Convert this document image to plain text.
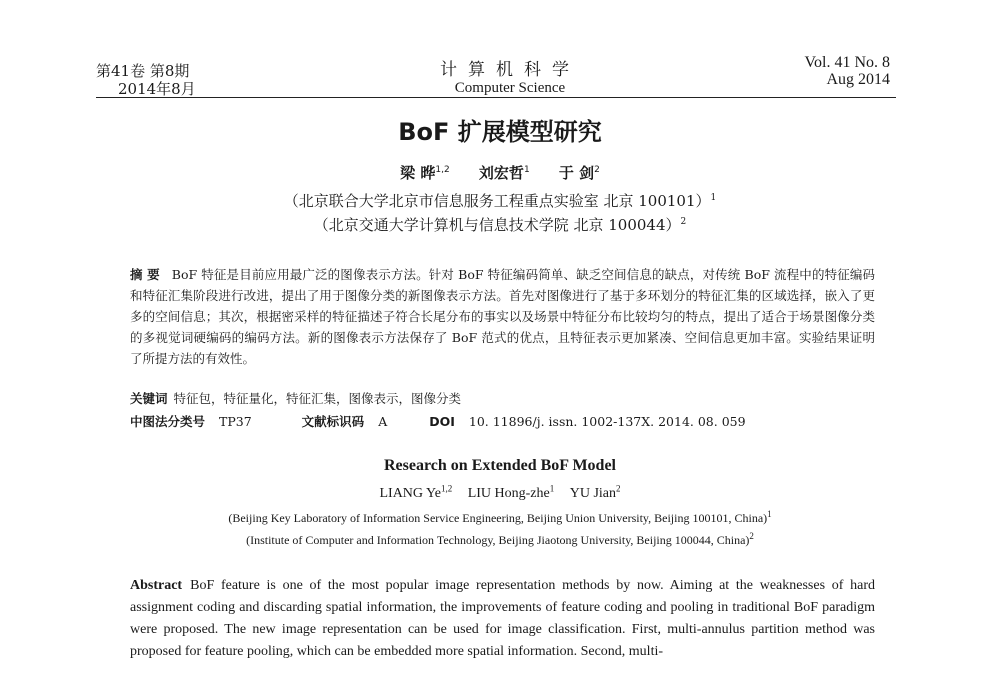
第41卷 第8期
2014年8月
计算机科学
Computer Science
Vol. 41 No. 8
Aug 2014
BoF 扩展模型研究
梁 晔$^{1,2}$ 刘宏哲$^1$ 于 剑$^2$
（北京联合大学北京市信息服务工程重点实验室 北京 100101）$^1$
（北京交通大学计算机与信息技术学院 北京 100044）$^2$
摘 要 BoF 特征是目前应用最广泛的图像表示方法。针对 BoF 特征编码简单、缺乏空间信息的缺点，对传统 BoF 流程中的特征编码和特征汇集阶段进行改进，提出了用于图像分类的新图像表示方法。首先对图像进行了基于多环划分的特征汇集的区域选择，嵌入了更多的空间信息；其次，根据密采样的特征描述子符合长尾分布的事实以及场景中特征分布比较均匀的特点，提出了适合于场景图像分类的多视觉词硬编码的编码方法。新的图像表示方法保存了 BoF 范式的优点，且特征表示更加紧凑、空间信息更加丰富。实验结果证明了所提方法的有效性。
关键词 特征包，特征量化，特征汇集，图像表示，图像分类
中图法分类号 TP37	文献标识码 A	DOI 10. 11896/j. issn. 1002-137X. 2014. 08. 059
Research on Extended BoF Model
LIANG Ye$^{1,2}$ LIU Hong-zhe$^1$ YU Jian$^2$
(Beijing Key Laboratory of Information Service Engineering, Beijing Union University, Beijing 100101, China)$^1$
(Institute of Computer and Information Technology, Beijing Jiaotong University, Beijing 100044, China)$^2$
Abstract BoF feature is one of the most popular image representation methods by now. Aiming at the weaknesses of hard assignment coding and discarding spatial information, the improvements of feature coding and pooling in traditional BoF paradigm were proposed. The new image representation can be used for image classification. First, multi-annulus partition method was proposed for feature pooling, which can be embedded more spatial information. Second, multi-
